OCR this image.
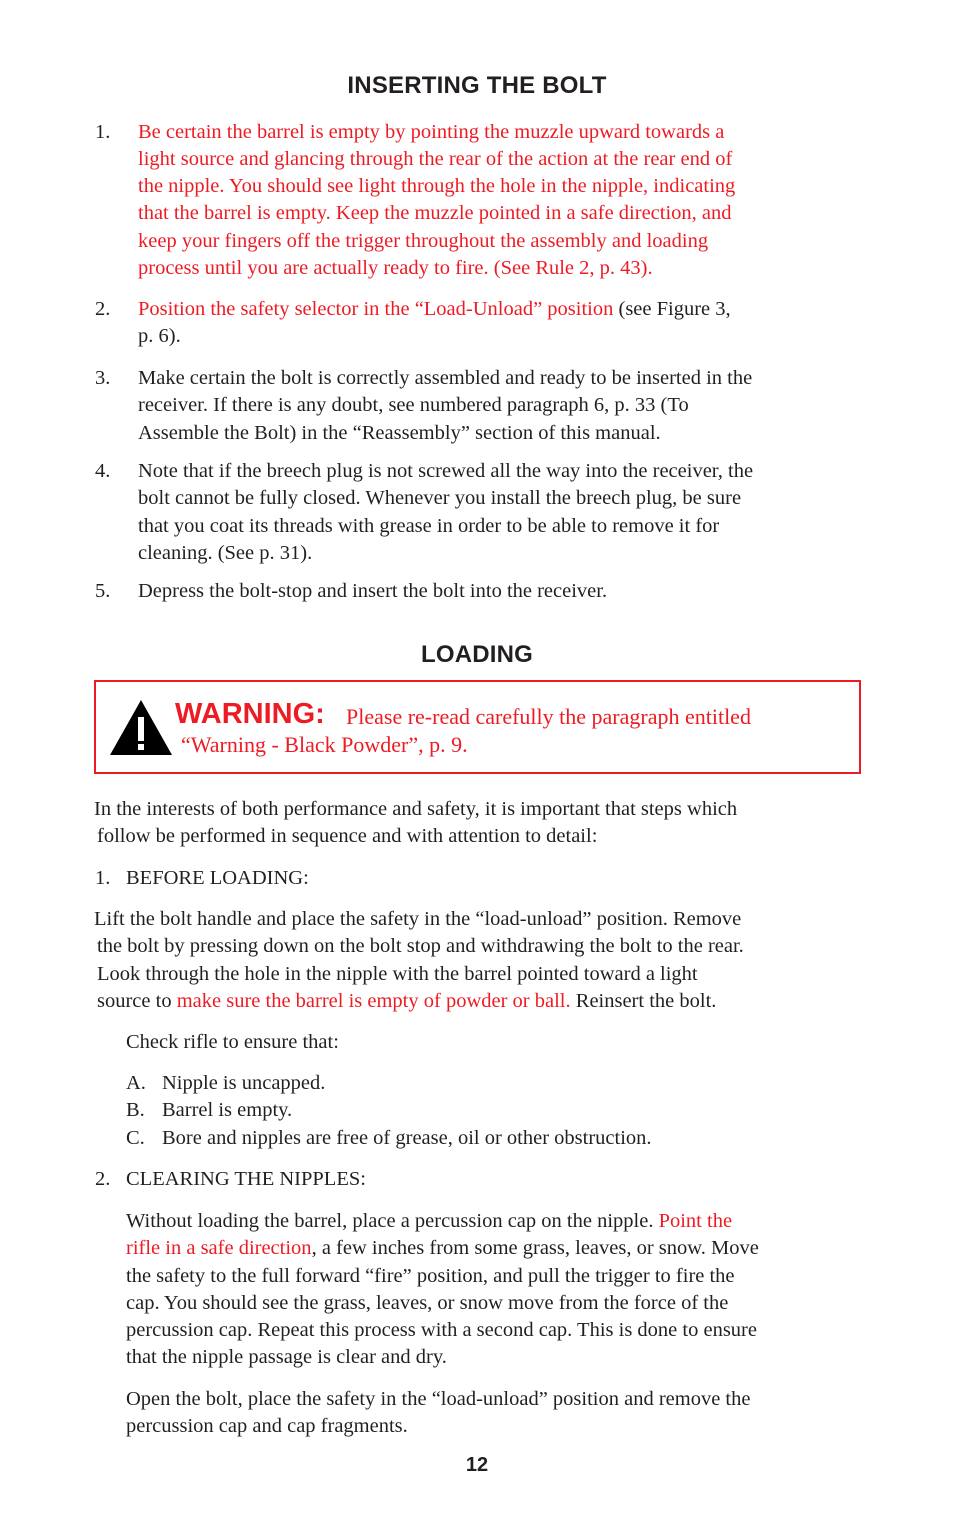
INSERTING THE BOLT
1. Be certain the barrel is empty by pointing the muzzle upward towards a
light source and glancing through the rear of the action at the rear end of
the nipple. You should see light through the hole in the nipple, indicating
that the barrel is empty. Keep the muzzle pointed in a safe direction, and
keep your fingers off the trigger throughout the assembly and loading
process until you are actually ready to fire. (See Rule 2, p. 43).
2. Position the safety selector in the “Load-Unload” position (see Figure 3,
p. 6).
3. Make certain the bolt is correctly assembled and ready to be inserted in the
receiver. If there is any doubt, see numbered paragraph 6, p. 33 (To
Assemble the Bolt) in the “Reassembly” section of this manual.
4. Note that if the breech plug is not screwed all the way into the receiver, the
bolt cannot be fully closed. Whenever you install the breech plug, be sure
that you coat its threads with grease in order to be able to remove it for
cleaning. (See p. 31).
5. Depress the bolt-stop and insert the bolt into the receiver.
LOADING
WARNING: Please re-read carefully the paragraph entitled
“Warning - Black Powder”, p. 9.
In the interests of both performance and safety, it is important that steps which
follow be performed in sequence and with attention to detail:
1. BEFORE LOADING:
Lift the bolt handle and place the safety in the “load-unload” position. Remove
the bolt by pressing down on the bolt stop and withdrawing the bolt to the rear.
Look through the hole in the nipple with the barrel pointed toward a light
source to make sure the barrel is empty of powder or ball. Reinsert the bolt.
Check rifle to ensure that:
A. Nipple is uncapped.
B. Barrel is empty.
C. Bore and nipples are free of grease, oil or other obstruction.
2. CLEARING THE NIPPLES:
Without loading the barrel, place a percussion cap on the nipple. Point the
rifle in a safe direction, a few inches from some grass, leaves, or snow. Move
the safety to the full forward “fire” position, and pull the trigger to fire the
cap. You should see the grass, leaves, or snow move from the force of the
percussion cap. Repeat this process with a second cap. This is done to ensure
that the nipple passage is clear and dry.
Open the bolt, place the safety in the “load-unload” position and remove the
percussion cap and cap fragments.
12
